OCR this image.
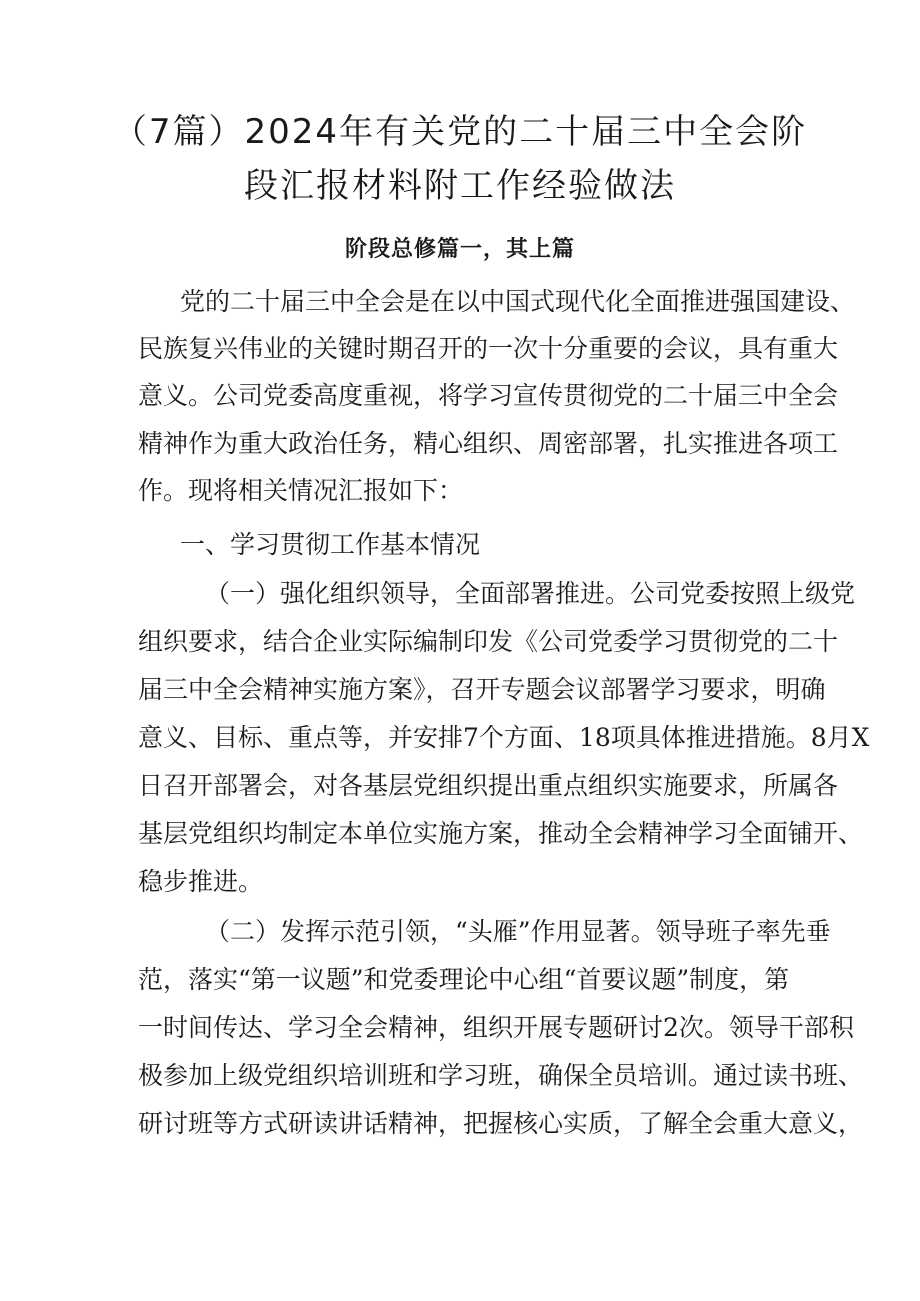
（7篇）2024年有关党的二十届三中全会阶
段汇报材料附工作经验做法
阶段总修篇一，其上篇
党的二十届三中全会是在以中国式现代化全面推进强国建设、
民族复兴伟业的关键时期召开的一次十分重要的会议，具有重大
意义。公司党委高度重视，将学习宣传贯彻党的二十届三中全会
精神作为重大政治任务，精心组织、周密部署，扎实推进各项工
作。现将相关情况汇报如下：
一、学习贯彻工作基本情况
（一）强化组织领导，全面部署推进。公司党委按照上级党
组织要求，结合企业实际编制印发《公司党委学习贯彻党的二十
届三中全会精神实施方案》，召开专题会议部署学习要求，明确
意义、目标、重点等，并安排7个方面、18项具体推进措施。8月X
日召开部署会，对各基层党组织提出重点组织实施要求，所属各
基层党组织均制定本单位实施方案，推动全会精神学习全面铺开、
稳步推进。
（二）发挥示范引领，“头雁”作用显著。领导班子率先垂
范，落实“第一议题”和党委理论中心组“首要议题”制度，第
一时间传达、学习全会精神，组织开展专题研讨2次。领导干部积
极参加上级党组织培训班和学习班，确保全员培训。通过读书班、
研讨班等方式研读讲话精神，把握核心实质，了解全会重大意义，
